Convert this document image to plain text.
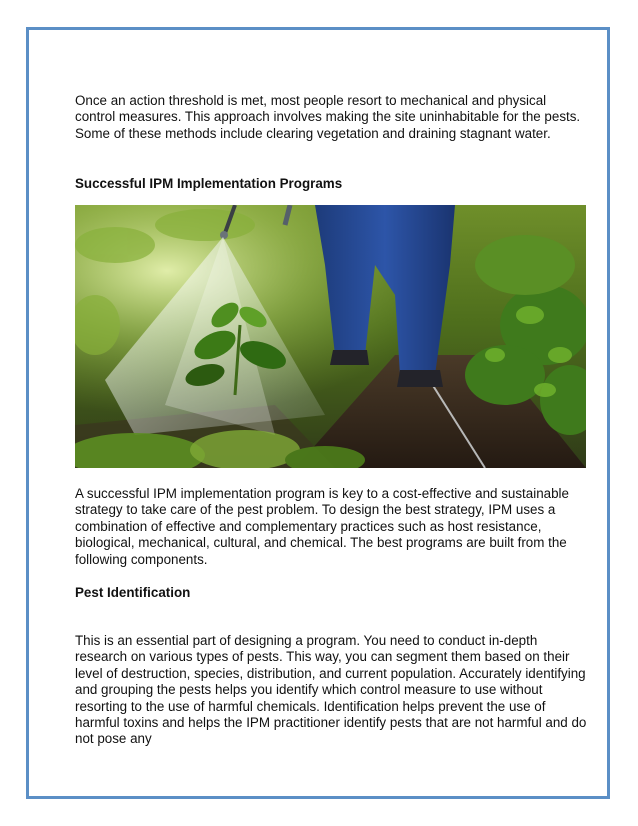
Once an action threshold is met, most people resort to mechanical and physical control measures. This approach involves making the site uninhabitable for the pests. Some of these methods include clearing vegetation and draining stagnant water.

Successful IPM Implementation Programs

A successful IPM implementation program is key to a cost-effective and sustainable strategy to take care of the pest problem. To design the best strategy, IPM uses a combination of effective and complementary practices such as host resistance, biological, mechanical, cultural, and chemical. The best programs are built from the following components.

Pest Identification

This is an essential part of designing a program. You need to conduct in-depth research on various types of pests. This way, you can segment them based on their level of destruction, species, distribution, and current population. Accurately identifying and grouping the pests helps you identify which control measure to use without resorting to the use of harmful chemicals. Identification helps prevent the use of harmful toxins and helps the IPM practitioner identify pests that are not harmful and do not pose any
